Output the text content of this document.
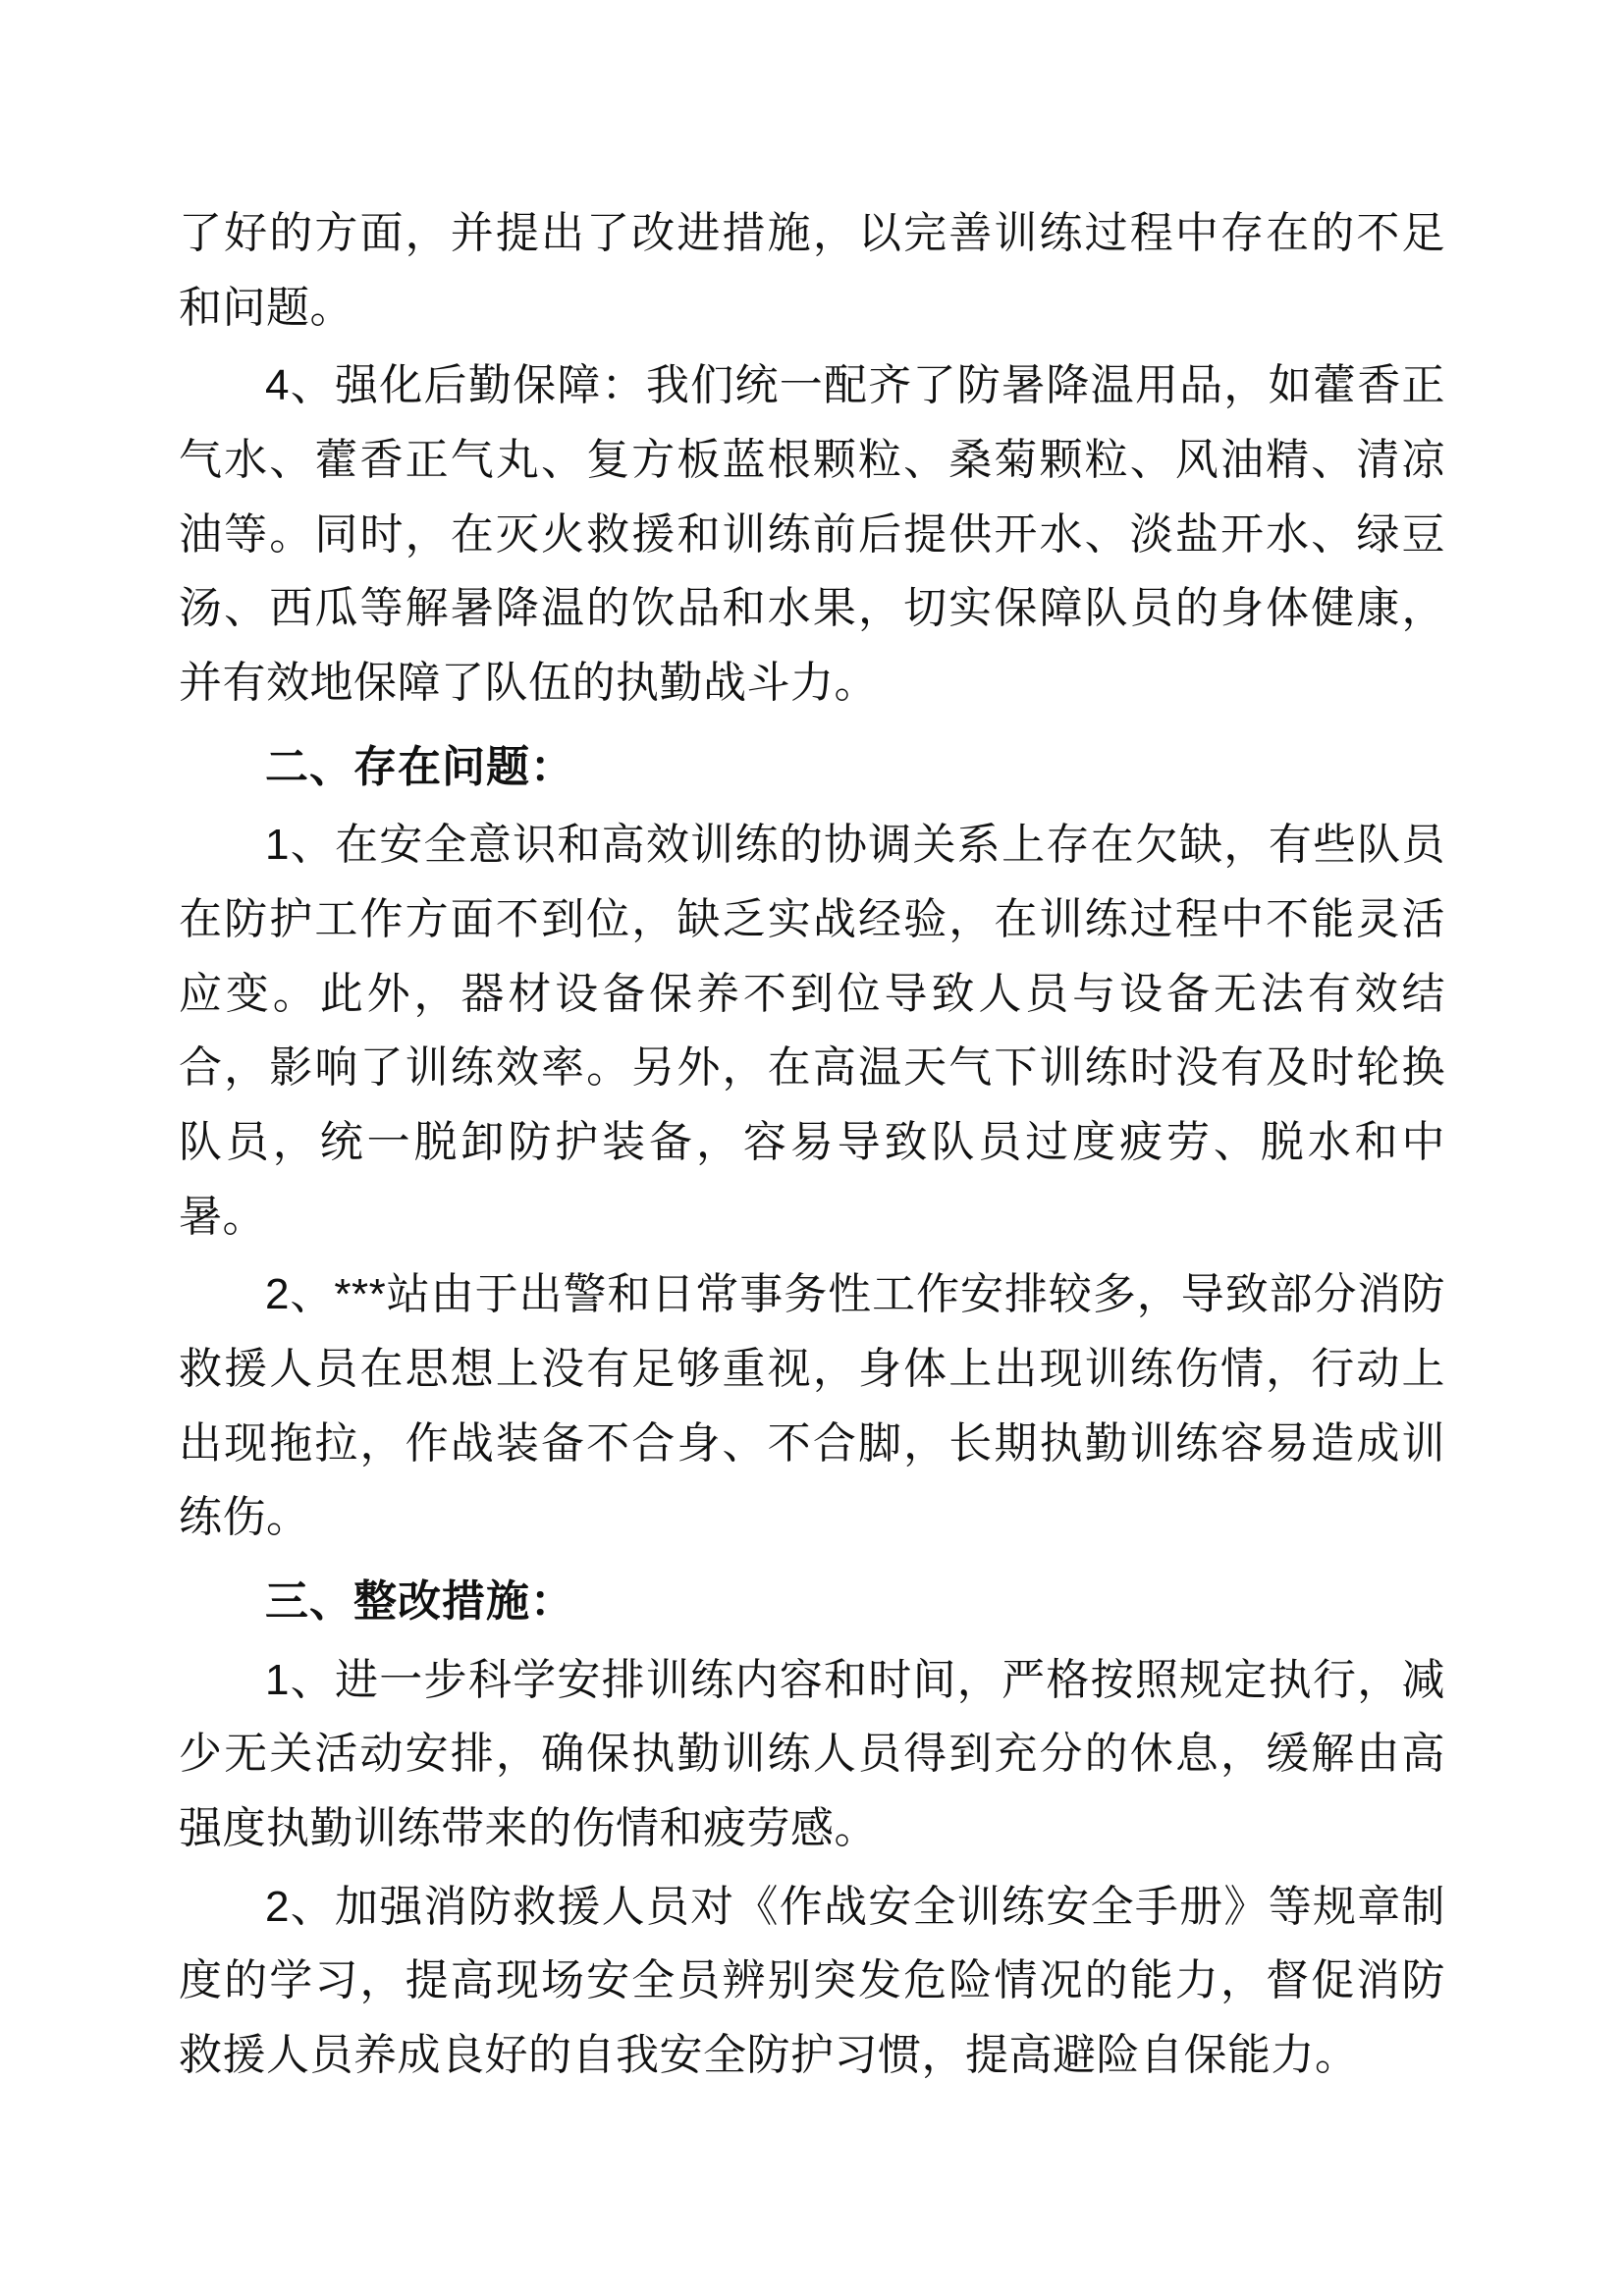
了好的方面，并提出了改进措施，以完善训练过程中存在的不足和问题。

4、强化后勤保障：我们统一配齐了防暑降温用品，如藿香正气水、藿香正气丸、复方板蓝根颗粒、桑菊颗粒、风油精、清凉油等。同时，在灭火救援和训练前后提供开水、淡盐开水、绿豆汤、西瓜等解暑降温的饮品和水果，切实保障队员的身体健康，并有效地保障了队伍的执勤战斗力。

二、存在问题：

1、在安全意识和高效训练的协调关系上存在欠缺，有些队员在防护工作方面不到位，缺乏实战经验，在训练过程中不能灵活应变。此外，器材设备保养不到位导致人员与设备无法有效结合，影响了训练效率。另外，在高温天气下训练时没有及时轮换队员，统一脱卸防护装备，容易导致队员过度疲劳、脱水和中暑。

2、***站由于出警和日常事务性工作安排较多，导致部分消防救援人员在思想上没有足够重视，身体上出现训练伤情，行动上出现拖拉，作战装备不合身、不合脚，长期执勤训练容易造成训练伤。

三、整改措施：

1、进一步科学安排训练内容和时间，严格按照规定执行，减少无关活动安排，确保执勤训练人员得到充分的休息，缓解由高强度执勤训练带来的伤情和疲劳感。

2、加强消防救援人员对《作战安全训练安全手册》等规章制度的学习，提高现场安全员辨别突发危险情况的能力，督促消防救援人员养成良好的自我安全防护习惯，提高避险自保能力。
